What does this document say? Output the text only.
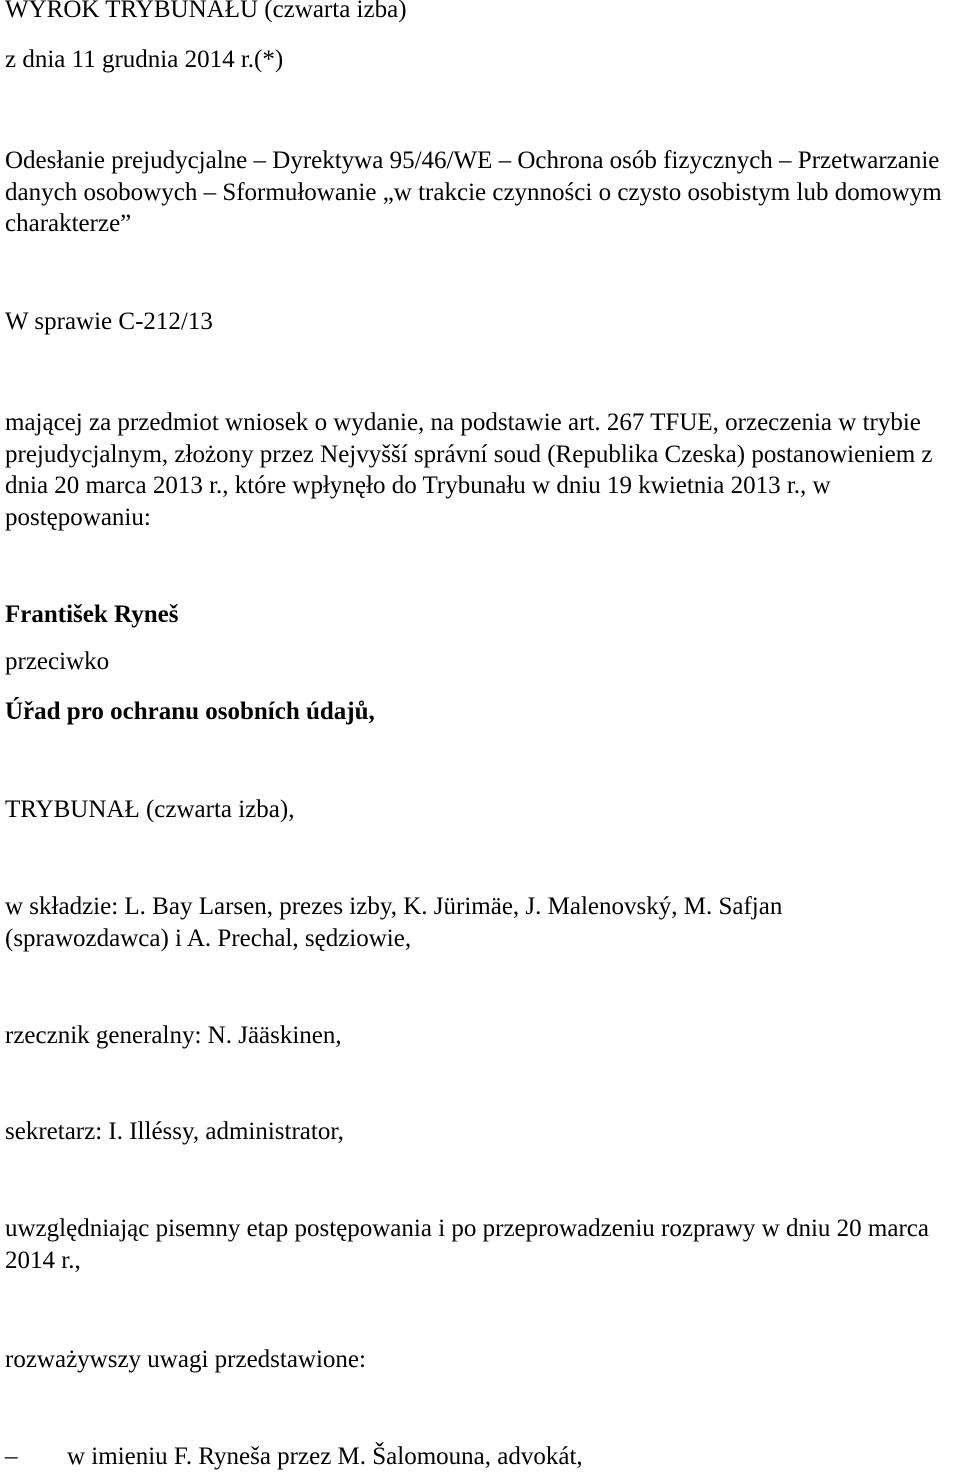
WYROK TRYBUNAŁU (czwarta izba)
z dnia 11 grudnia 2014 r.(*)
Odesłanie prejudycjalne – Dyrektywa 95/46/WE – Ochrona osób fizycznych – Przetwarzanie
danych osobowych – Sformułowanie „w trakcie czynności o czysto osobistym lub domowym
charakterze”
W sprawie C‑212/13
mającej za przedmiot wniosek o wydanie, na podstawie art. 267 TFUE, orzeczenia w trybie
prejudycjalnym, złożony przez Nejvyšší správní soud (Republika Czeska) postanowieniem z
dnia 20 marca 2013 r., które wpłynęło do Trybunału w dniu 19 kwietnia 2013 r., w
postępowaniu:
František Ryneš
przeciwko
Úřad pro ochranu osobních údajů,
TRYBUNAŁ (czwarta izba),
w składzie: L. Bay Larsen, prezes izby, K. Jürimäe, J. Malenovský, M. Safjan
(sprawozdawca) i A. Prechal, sędziowie,
rzecznik generalny: N. Jääskinen,
sekretarz: I. Illéssy, administrator,
uwzględniając pisemny etap postępowania i po przeprowadzeniu rozprawy w dniu 20 marca
2014 r.,
rozważywszy uwagi przedstawione:
– w imieniu F. Ryneša przez M. Šalomouna, advokát,
